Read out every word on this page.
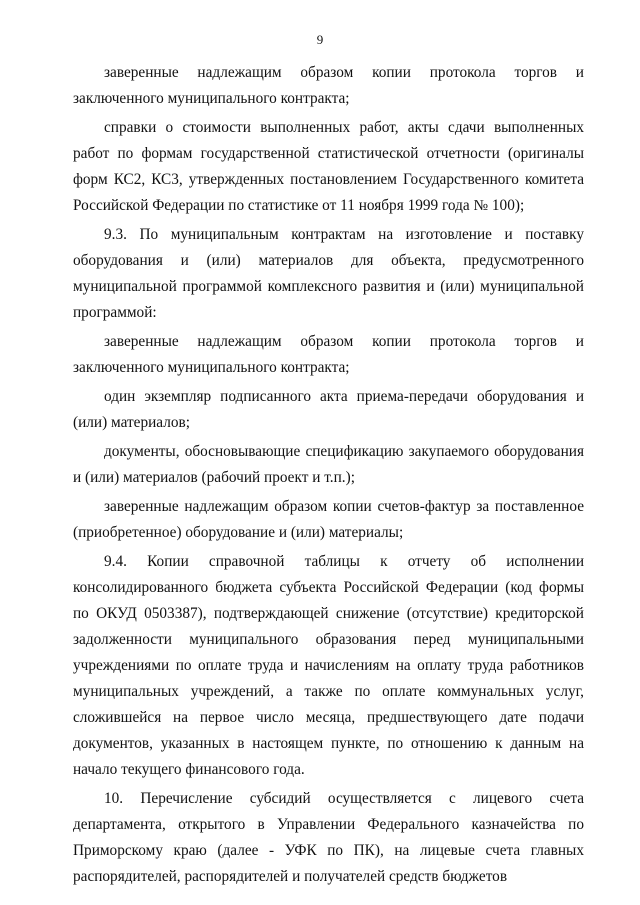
9

заверенные надлежащим образом копии протокола торгов и заключенного муниципального контракта;

справки о стоимости выполненных работ, акты сдачи выполненных работ по формам государственной статистической отчетности (оригиналы форм КС2, КС3, утвержденных постановлением Государственного комитета Российской Федерации по статистике от 11 ноября 1999 года № 100);

9.3. По муниципальным контрактам на изготовление и поставку оборудования и (или) материалов для объекта, предусмотренного муниципальной программой комплексного развития и (или) муниципальной программой:

заверенные надлежащим образом копии протокола торгов и заключенного муниципального контракта;

один экземпляр подписанного акта приема-передачи оборудования и (или) материалов;

документы, обосновывающие спецификацию закупаемого оборудования и (или) материалов (рабочий проект и т.п.);

заверенные надлежащим образом копии счетов-фактур за поставленное (приобретенное) оборудование и (или) материалы;

9.4. Копии справочной таблицы к отчету об исполнении консолидированного бюджета субъекта Российской Федерации (код формы по ОКУД 0503387), подтверждающей снижение (отсутствие) кредиторской задолженности муниципального образования перед муниципальными учреждениями по оплате труда и начислениям на оплату труда работников муниципальных учреждений, а также по оплате коммунальных услуг, сложившейся на первое число месяца, предшествующего дате подачи документов, указанных в настоящем пункте, по отношению к данным на начало текущего финансового года.

10. Перечисление субсидий осуществляется с лицевого счета департамента, открытого в Управлении Федерального казначейства по Приморскому краю (далее - УФК по ПК), на лицевые счета главных распорядителей, распорядителей и получателей средств бюджетов
